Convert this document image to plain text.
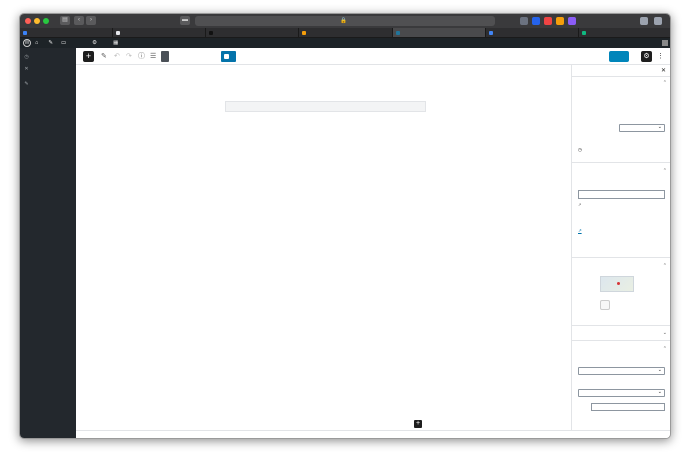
▤	‹	›	▬	🔒
W ⌂ ✎ ▭	⚙	▦
◷
✕
✎
+	✎ ↶ ↷ ⓘ ☰	⚙	⋮
+
✕
⌃
⌄
◷
⌃
↗
↗
⌃
⌄
⌃
⌄
⌄
